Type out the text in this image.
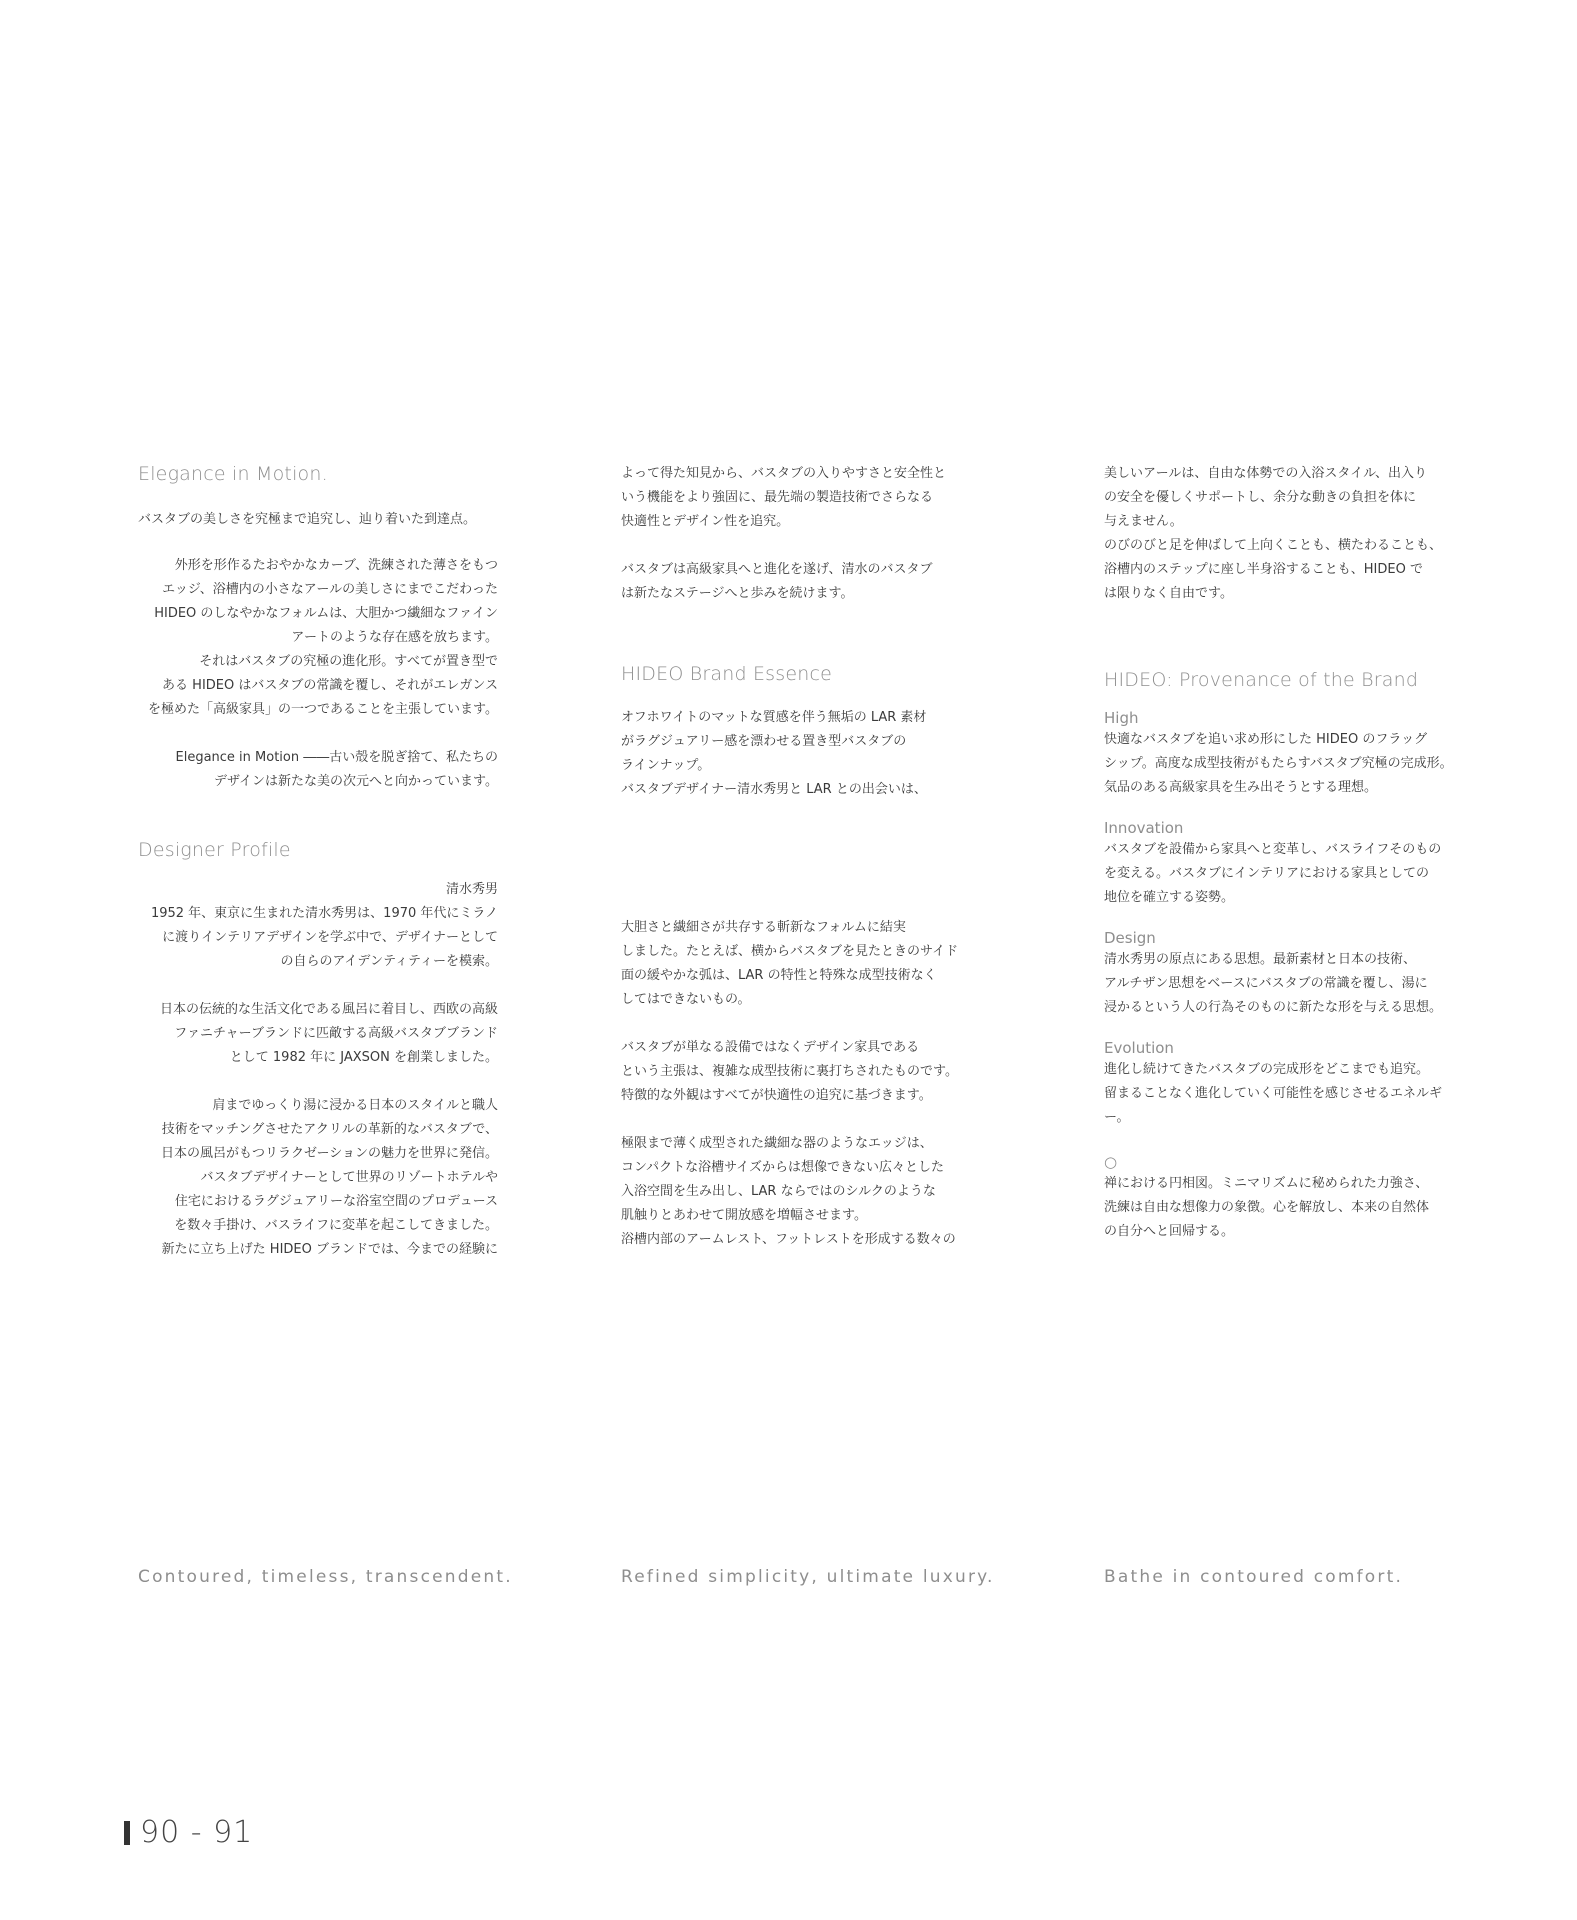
Elegance in Motion.

バスタブの美しさを究極まで追究し、辿り着いた到達点。

外形を形作るたおやかなカーブ、洗練された薄さをもつ

エッジ、浴槽内の小さなアールの美しさにまでこだわった

HIDEO のしなやかなフォルムは、大胆かつ繊細なファイン

アートのような存在感を放ちます。

それはバスタブの究極の進化形。すべてが置き型で

ある HIDEO はバスタブの常識を覆し、それがエレガンス

を極めた「高級家具」の一つであることを主張しています。

Elegance in Motion ――古い殻を脱ぎ捨て、私たちの

デザインは新たな美の次元へと向かっています。

Designer Profile

清水秀男

1952 年、東京に生まれた清水秀男は、1970 年代にミラノ

に渡りインテリアデザインを学ぶ中で、デザイナーとして

の自らのアイデンティティーを模索。

日本の伝統的な生活文化である風呂に着目し、西欧の高級

ファニチャーブランドに匹敵する高級バスタブブランド

として 1982 年に JAXSON を創業しました。

肩までゆっくり湯に浸かる日本のスタイルと職人

技術をマッチングさせたアクリルの革新的なバスタブで、

日本の風呂がもつリラクゼーションの魅力を世界に発信。

バスタブデザイナーとして世界のリゾートホテルや

住宅におけるラグジュアリーな浴室空間のプロデュース

を数々手掛け、バスライフに変革を起こしてきました。

新たに立ち上げた HIDEO ブランドでは、今までの経験に

よって得た知見から、バスタブの入りやすさと安全性と

いう機能をより強固に、最先端の製造技術でさらなる

快適性とデザイン性を追究。

バスタブは高級家具へと進化を遂げ、清水のバスタブ

は新たなステージへと歩みを続けます。

HIDEO Brand Essence

オフホワイトのマットな質感を伴う無垢の LAR 素材

がラグジュアリー感を漂わせる置き型バスタブの

ラインナップ。

バスタブデザイナー清水秀男と LAR との出会いは、

大胆さと繊細さが共存する斬新なフォルムに結実

しました。たとえば、横からバスタブを見たときのサイド

面の緩やかな弧は、LAR の特性と特殊な成型技術なく

してはできないもの。

バスタブが単なる設備ではなくデザイン家具である

という主張は、複雑な成型技術に裏打ちされたものです。

特徴的な外観はすべてが快適性の追究に基づきます。

極限まで薄く成型された繊細な器のようなエッジは、

コンパクトな浴槽サイズからは想像できない広々とした

入浴空間を生み出し、LAR ならではのシルクのような

肌触りとあわせて開放感を増幅させます。

浴槽内部のアームレスト、フットレストを形成する数々の

美しいアールは、自由な体勢での入浴スタイル、出入り

の安全を優しくサポートし、余分な動きの負担を体に

与えません。

のびのびと足を伸ばして上向くことも、横たわることも、

浴槽内のステップに座し半身浴することも、HIDEO で

は限りなく自由です。

HIDEO: Provenance of the Brand
High

快適なバスタブを追い求め形にした HIDEO のフラッグ

シップ。高度な成型技術がもたらすバスタブ究極の完成形。

気品のある高級家具を生み出そうとする理想。

Innovation

バスタブを設備から家具へと変革し、バスライフそのもの

を変える。バスタブにインテリアにおける家具としての

地位を確立する姿勢。

Design

清水秀男の原点にある思想。最新素材と日本の技術、

アルチザン思想をベースにバスタブの常識を覆し、湯に

浸かるという人の行為そのものに新たな形を与える思想。

Evolution

進化し続けてきたバスタブの完成形をどこまでも追究。

留まることなく進化していく可能性を感じさせるエネルギー。

○

禅における円相図。ミニマリズムに秘められた力強さ、

洗練は自由な想像力の象徴。心を解放し、本来の自然体

の自分へと回帰する。

Contoured, timeless, transcendent.	Refined simplicity, ultimate luxury.	Bathe in contoured comfort.
90 - 91
